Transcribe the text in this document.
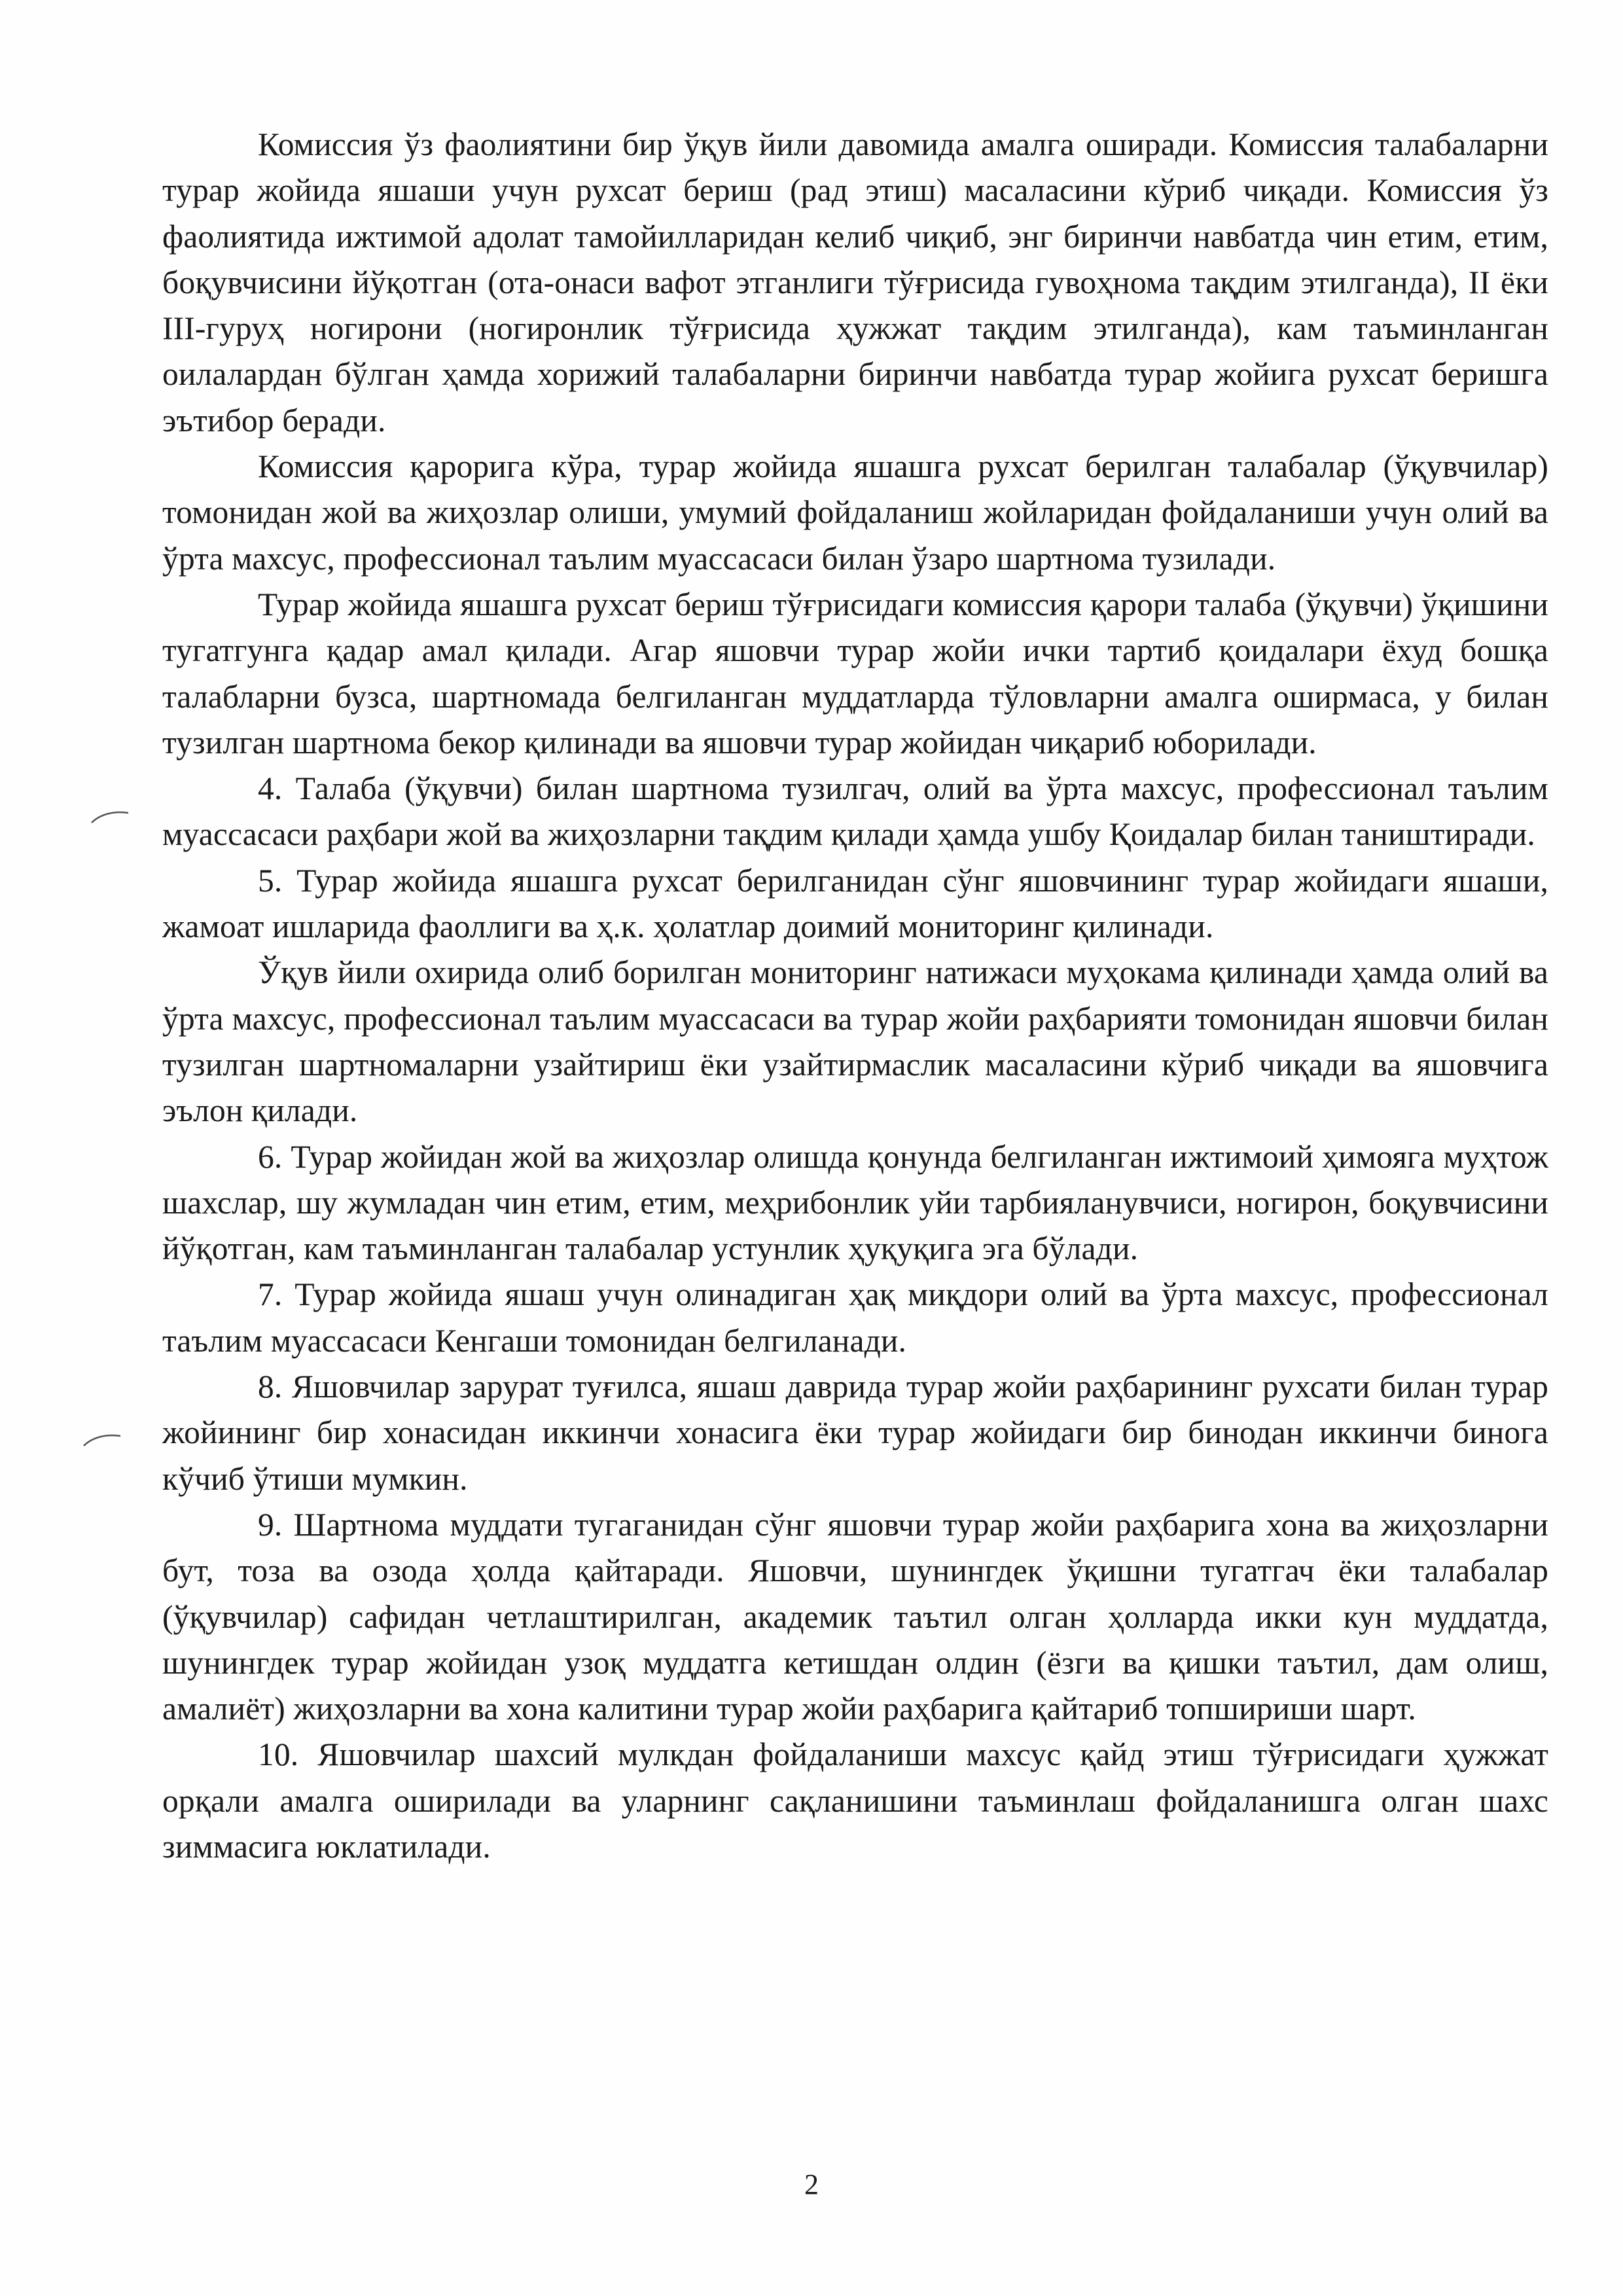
Комиссия ўз фаолиятини бир ўқув йили давомида амалга оширади. Комиссия талабаларни турар жойида яшаши учун рухсат бериш (рад этиш) масаласини кўриб чиқади. Комиссия ўз фаолиятида ижтимой адолат тамойилларидан келиб чиқиб, энг биринчи навбатда чин етим, етим, боқувчисини йўқотган (ота-онаси вафот этганлиги тўғрисида гувоҳнома тақдим этилганда), II ёки III-гуруҳ ногирони (ногиронлик тўғрисида ҳужжат тақдим этилганда), кам таъминланган оилалардан бўлган ҳамда хорижий талабаларни биринчи навбатда турар жойига рухсат беришга эътибор беради.

Комиссия қарорига кўра, турар жойида яшашга рухсат берилган талабалар (ўқувчилар) томонидан жой ва жиҳозлар олиши, умумий фойдаланиш жойларидан фойдаланиши учун олий ва ўрта махсус, профессионал таълим муассасаси билан ўзаро шартнома тузилади.

Турар жойида яшашга рухсат бериш тўғрисидаги комиссия қарори талаба (ўқувчи) ўқишини тугатгунга қадар амал қилади. Агар яшовчи турар жойи ички тартиб қоидалари ёхуд бошқа талабларни бузса, шартномада белгиланган муддатларда тўловларни амалга оширмаса, у билан тузилган шартнома бекор қилинади ва яшовчи турар жойидан чиқариб юборилади.

4. Талаба (ўқувчи) билан шартнома тузилгач, олий ва ўрта махсус, профессионал таълим муассасаси раҳбари жой ва жиҳозларни тақдим қилади ҳамда ушбу Қоидалар билан таништиради.

5. Турар жойида яшашга рухсат берилганидан сўнг яшовчининг турар жойидаги яшаши, жамоат ишларида фаоллиги ва ҳ.к. ҳолатлар доимий мониторинг қилинади.

Ўқув йили охирида олиб борилган мониторинг натижаси муҳокама қилинади ҳамда олий ва ўрта махсус, профессионал таълим муассасаси ва турар жойи раҳбарияти томонидан яшовчи билан тузилган шартномаларни узайтириш ёки узайтирмаслик масаласини кўриб чиқади ва яшовчига эълон қилади.

6. Турар жойидан жой ва жиҳозлар олишда қонунда белгиланган ижтимоий ҳимояга муҳтож шахслар, шу жумладан чин етим, етим, меҳрибонлик уйи тарбияланувчиси, ногирон, боқувчисини йўқотган, кам таъминланган талабалар устунлик ҳуқуқига эга бўлади.

7. Турар жойида яшаш учун олинадиган ҳақ миқдори олий ва ўрта махсус, профессионал таълим муассасаси Кенгаши томонидан белгиланади.

8. Яшовчилар зарурат туғилса, яшаш даврида турар жойи раҳбарининг рухсати билан турар жойининг бир хонасидан иккинчи хонасига ёки турар жойидаги бир бинодан иккинчи бинога кўчиб ўтиши мумкин.

9. Шартнома муддати тугаганидан сўнг яшовчи турар жойи раҳбарига хона ва жиҳозларни бут, тоза ва озода ҳолда қайтаради. Яшовчи, шунингдек ўқишни тугатгач ёки талабалар (ўқувчилар) сафидан четлаштирилган, академик таътил олган ҳолларда икки кун муддатда, шунингдек турар жойидан узоқ муддатга кетишдан олдин (ёзги ва қишки таътил, дам олиш, амалиёт) жиҳозларни ва хона калитини турар жойи раҳбарига қайтариб топшириши шарт.

10. Яшовчилар шахсий мулкдан фойдаланиши махсус қайд этиш тўғрисидаги ҳужжат орқали амалга оширилади ва уларнинг сақланишини таъминлаш фойдаланишга олган шахс зиммасига юклатилади.

2
